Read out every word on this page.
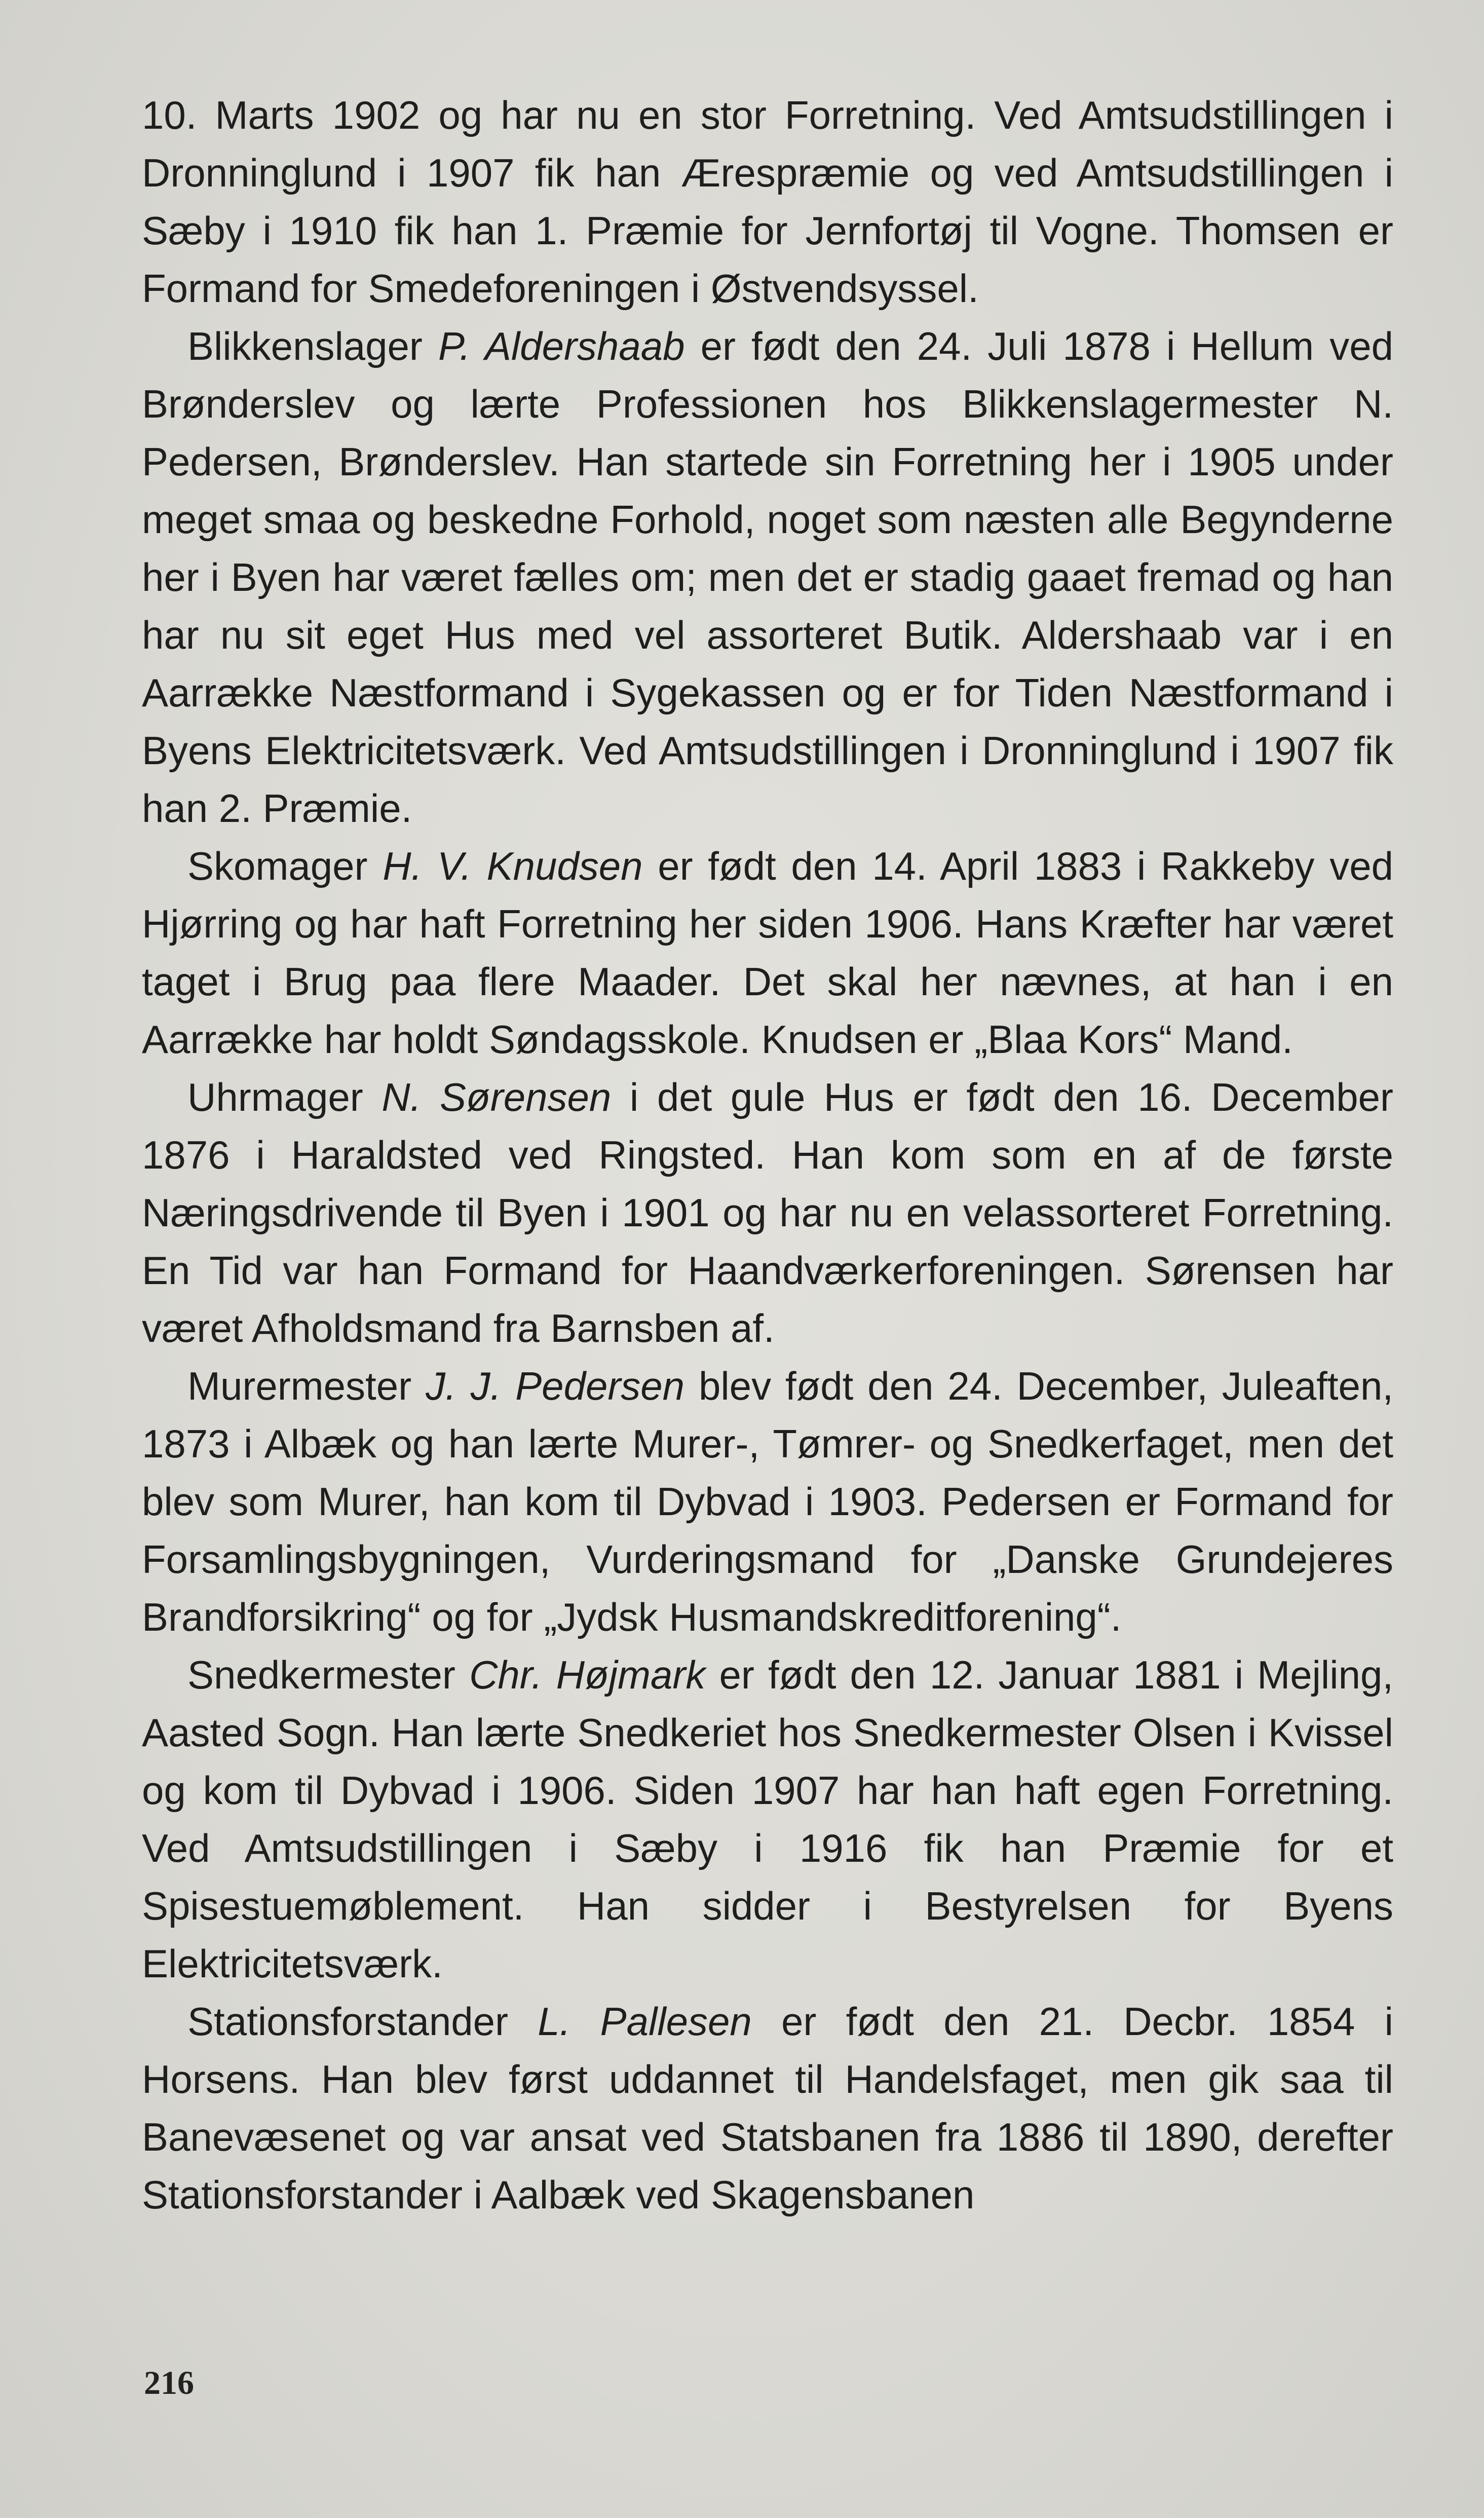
10. Marts 1902 og har nu en stor Forretning. Ved Amtsudstillingen i Dronninglund i 1907 fik han Ærespræmie og ved Amtsudstillingen i Sæby i 1910 fik han 1. Præmie for Jernfortøj til Vogne. Thomsen er Formand for Smedeforeningen i Østvendsyssel.

Blikkenslager P. Aldershaab er født den 24. Juli 1878 i Hellum ved Brønderslev og lærte Professionen hos Blikkenslagermester N. Pedersen, Brønderslev. Han startede sin Forretning her i 1905 under meget smaa og beskedne Forhold, noget som næsten alle Begynderne her i Byen har været fælles om; men det er stadig gaaet fremad og han har nu sit eget Hus med vel assorteret Butik. Aldershaab var i en Aarrække Næstformand i Sygekassen og er for Tiden Næstformand i Byens Elektricitetsværk. Ved Amtsudstillingen i Dronninglund i 1907 fik han 2. Præmie.

Skomager H. V. Knudsen er født den 14. April 1883 i Rakkeby ved Hjørring og har haft Forretning her siden 1906. Hans Kræfter har været taget i Brug paa flere Maader. Det skal her nævnes, at han i en Aarrække har holdt Søndagsskole. Knudsen er „Blaa Kors“ Mand.

Uhrmager N. Sørensen i det gule Hus er født den 16. December 1876 i Haraldsted ved Ringsted. Han kom som en af de første Næringsdrivende til Byen i 1901 og har nu en velassorteret Forretning. En Tid var han Formand for Haandværkerforeningen. Sørensen har været Afholdsmand fra Barnsben af.

Murermester J. J. Pedersen blev født den 24. December, Juleaften, 1873 i Albæk og han lærte Murer-, Tømrer- og Snedkerfaget, men det blev som Murer, han kom til Dybvad i 1903. Pedersen er Formand for Forsamlingsbygningen, Vurderingsmand for „Danske Grundejeres Brandforsikring“ og for „Jydsk Husmandskreditforening“.

Snedkermester Chr. Højmark er født den 12. Januar 1881 i Mejling, Aasted Sogn. Han lærte Snedkeriet hos Snedkermester Olsen i Kvissel og kom til Dybvad i 1906. Siden 1907 har han haft egen Forretning. Ved Amtsudstillingen i Sæby i 1916 fik han Præmie for et Spisestuemøblement. Han sidder i Bestyrelsen for Byens Elektricitetsværk.

Stationsforstander L. Pallesen er født den 21. Decbr. 1854 i Horsens. Han blev først uddannet til Handelsfaget, men gik saa til Banevæsenet og var ansat ved Statsbanen fra 1886 til 1890, derefter Stationsforstander i Aalbæk ved Skagensbanen

216
